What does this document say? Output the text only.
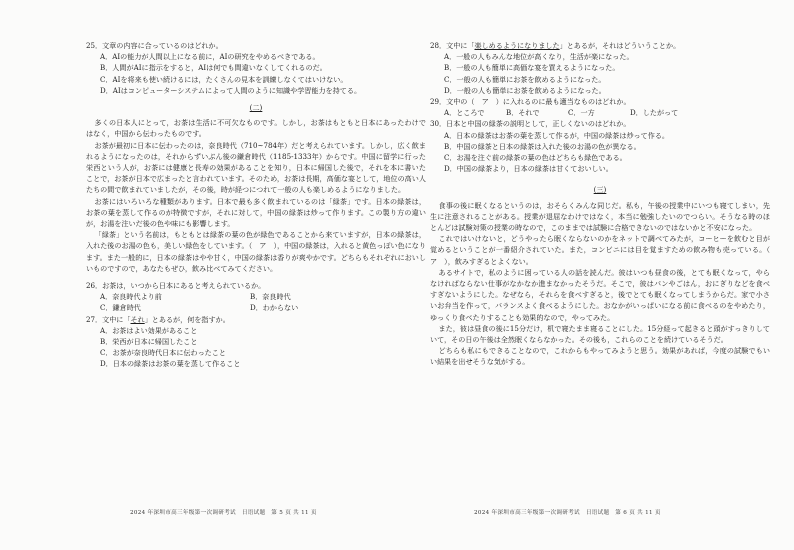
25．文章の内容に合っているのはどれか。

A．AIの能力が人間以上になる前に，AIの研究をやめるべきである。

B．人間がAIに指示をすると，AIは何でも間違いなくしてくれるのだ。

C．AIを将来も使い続けるには，たくさんの見本を訓練しなくてはいけない。

D．AIはコンピューターシステムによって人間のように知識や学習能力を持てる。

(二)

多くの日本人にとって，お茶は生活に不可欠なものです。しかし，お茶はもともと日本にあったわけではなく，中国から伝わったものです。

お茶が最初に日本に伝わったのは，奈良時代（710~784年）だと考えられています。しかし，広く飲まれるようになったのは，それからずいぶん後の鎌倉時代（1185-1333年）からです。中国に留学に行った栄西という人が，お茶には健康と長寿の効果があることを知り，日本に帰国した後で，それを本に書いたことで，お茶が日本で広まったと言われています。そのため，お茶は長期，高価な宴として，地位の高い人たちの間で飲まれていましたが，その後，時が経つにつれて一般の人も楽しめるようになりました。

お茶にはいろいろな種類があります。日本で最も多く飲まれているのは「緑茶」です。日本の緑茶は，お茶の葉を蒸して作るのが特徴ですが，それに対して，中国の緑茶は炒って作ります。この製り方の違いが，お湯を注いだ後の色や味にも影響します。

「緑茶」という名前は，もともとは緑茶の葉の色が緑色であることから来ていますが，日本の緑茶は，入れた後のお湯の色も，美しい緑色をしています。（　ア　），中国の緑茶は，入れると黄色っぽい色になります。また一般的に，日本の緑茶はやや甘く，中国の緑茶は香りが爽やかです。どちらもそれぞれにおいしいものですので，あなたもぜひ，飲み比べてみてください。

26．お茶は，いつから日本にあると考えられているか。

A．奈良時代より前	B．奈良時代
C．鎌倉時代	D．わからない

27．文中に「それ」とあるが，何を指すか。

A．お茶はよい効果があること

B．栄西が日本に帰国したこと

C．お茶が奈良時代日本に伝わったこと

D．日本の緑茶はお茶の葉を蒸して作ること

2024 年深圳市高三年级第一次调研考试　日语试题　第 5 页 共 11 页

28．文中に「楽しめるようになりました」とあるが，それはどういうことか。

A．一般の人もみんな地位が高くなり，生活が楽になった。

B．一般の人も簡単に高価な宴を買えるようになった。

C．一般の人も簡単にお茶を飲めるようになった。

D．一般の人も簡単にお茶を飲めるようになった。

29．文中の（　ア　）に入れるのに最も適当なものはどれか。

A．ところで	B．それで	C．一方	D．したがって

30．日本と中国の緑茶の説明として，正しくないのはどれか。

A．日本の緑茶はお茶の葉を蒸して作るが，中国の緑茶は炒って作る。

B．中国の緑茶と日本の緑茶は入れた後のお湯の色が異なる。

C．お湯を注ぐ前の緑茶の葉の色はどちらも緑色である。

D．中国の緑茶より，日本の緑茶は甘くておいしい。

(三)

食事の後に眠くなるというのは，おそらくみんな同じだ。私も，午後の授業中にいつも寝てしまい，先生に注意されることがある。授業が退屈なわけではなく，本当に勉強したいのでつらい。そうなる時のほとんどは試験対策の授業の時なので，このままでは試験に合格できないのではないかと不安になった。

これではいけないと，どうやったら眠くならないのかをネットで調べてみたが，コーヒーを飲むと目が覚めるということが一番紹介されていた。また，コンビニには目を覚ますための飲み物も売っている。（　ア　），飲みすぎるとよくない。

あるサイトで，私のように困っている人の話を読んだ。彼はいつも昼食の後，とても眠くなって，やらなければならない仕事がなかなか進まなかったそうだ。そこで，彼はパンやごはん，おにぎりなどを食べすぎないようにした。なぜなら，それらを食べすぎると，後でとても眠くなってしまうからだ。家で小さいお弁当を作って，バランスよく食べるようにした。おなかがいっぱいになる前に食べるのをやめたり，ゆっくり食べたりすることも効果的なので，やってみた。

また，彼は昼食の後に15分だけ，机で寝たまま寝ることにした。15分経って起きると頭がすっきりしていて，その日の午後は全然眠くならなかった。その後も，これらのことを続けているそうだ。

どちらも私にもできることなので，これからもやってみようと思う。効果があれば，今度の試験でもいい結果を出せそうな気がする。

2024 年深圳市高三年级第一次调研考试　日语试题　第 6 页 共 11 页
